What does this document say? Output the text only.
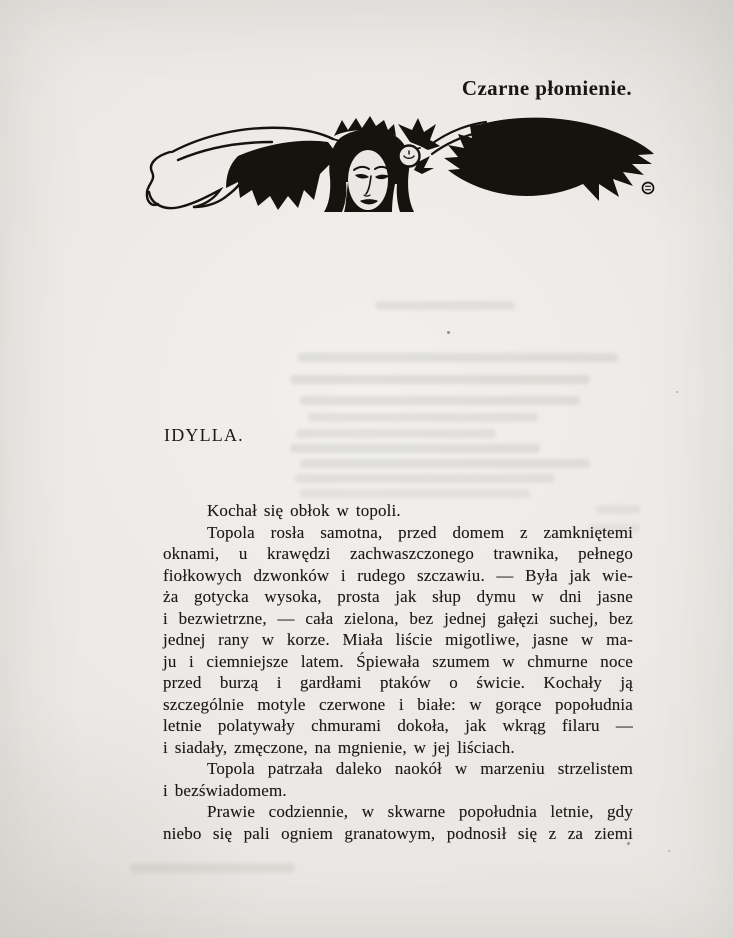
Czarne płomienie.
IDYLLA.
Kochał się obłok w topoli.
Topola rosła samotna, przed domem z zamkniętemi
oknami, u krawędzi zachwaszczonego trawnika, pełnego
fiołkowych dzwonków i rudego szczawiu. — Była jak wie-
ża gotycka wysoka, prosta jak słup dymu w dni jasne
i bezwietrzne, — cała zielona, bez jednej gałęzi suchej, bez
jednej rany w korze. Miała liście migotliwe, jasne w ma-
ju i ciemniejsze latem. Śpiewała szumem w chmurne noce
przed burzą i gardłami ptaków o świcie. Kochały ją
szczególnie motyle czerwone i białe: w gorące popołudnia
letnie polatywały chmurami dokoła, jak wkrąg filaru —
i siadały, zmęczone, na mgnienie, w jej liściach.
Topola patrzała daleko naokół w marzeniu strzelistem
i bezświadomem.
Prawie codziennie, w skwarne popołudnia letnie, gdy
niebo się pali ogniem granatowym, podnosił się z za ziemi
